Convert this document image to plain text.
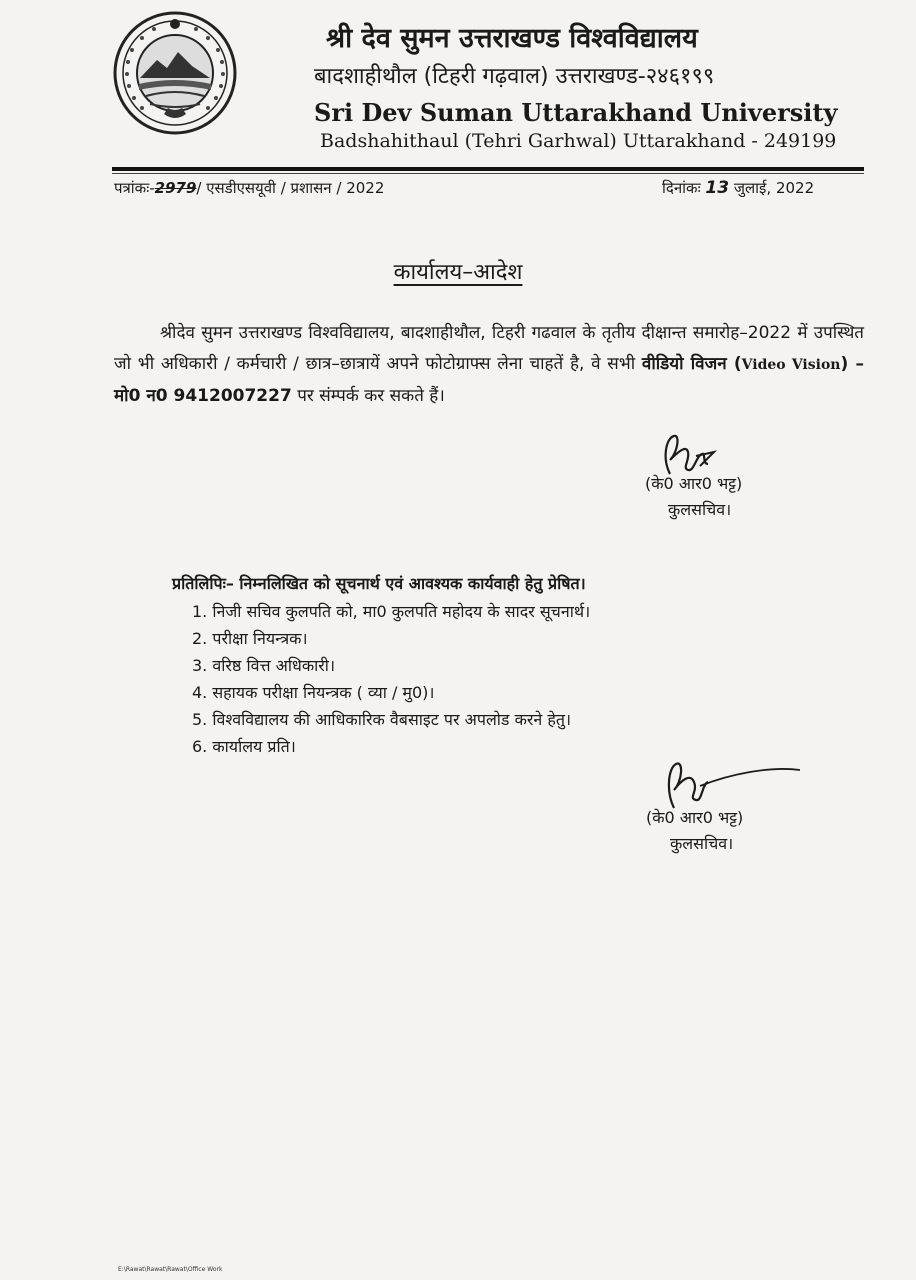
श्री देव सुमन उत्तराखण्ड विश्वविद्यालय
बादशाहीथौल (टिहरी गढ़वाल) उत्तराखण्ड-२४६१९९
Sri Dev Suman Uttarakhand University
Badshahithaul (Tehri Garhwal) Uttarakhand - 249199
पत्रांकः-2979/ एसडीएसयूवी / प्रशासन / 2022	दिनांकः 13 जुलाई, 2022
कार्यालय–आदेश
श्रीदेव सुमन उत्तराखण्ड विश्वविद्यालय, बादशाहीथौल, टिहरी गढवाल के तृतीय दीक्षान्त समारोह–2022 में उपस्थित जो भी अधिकारी / कर्मचारी / छात्र–छात्रायें अपने फोटोग्राफ्स लेना चाहतें है, वे सभी वीडियो विजन (Video Vision) – मो0 न0 9412007227 पर संम्पर्क कर सकते हैं।
(के0 आर0 भट्ट)
कुलसचिव।
प्रतिलिपिः– निम्नलिखित को सूचनार्थ एवं आवश्यक कार्यवाही हेतु प्रेषित।
1. निजी सचिव कुलपति को, मा0 कुलपति महोदय के सादर सूचनार्थ।
2. परीक्षा नियन्त्रक।
3. वरिष्ठ वित्त अधिकारी।
4. सहायक परीक्षा नियन्त्रक ( व्या / मु0)।
5. विश्वविद्यालय की आधिकारिक वैबसाइट पर अपलोड करने हेतु।
6. कार्यालय प्रति।
(के0 आर0 भट्ट)
कुलसचिव।
E:\Rawat\Rawat\Rawat\Office Work
